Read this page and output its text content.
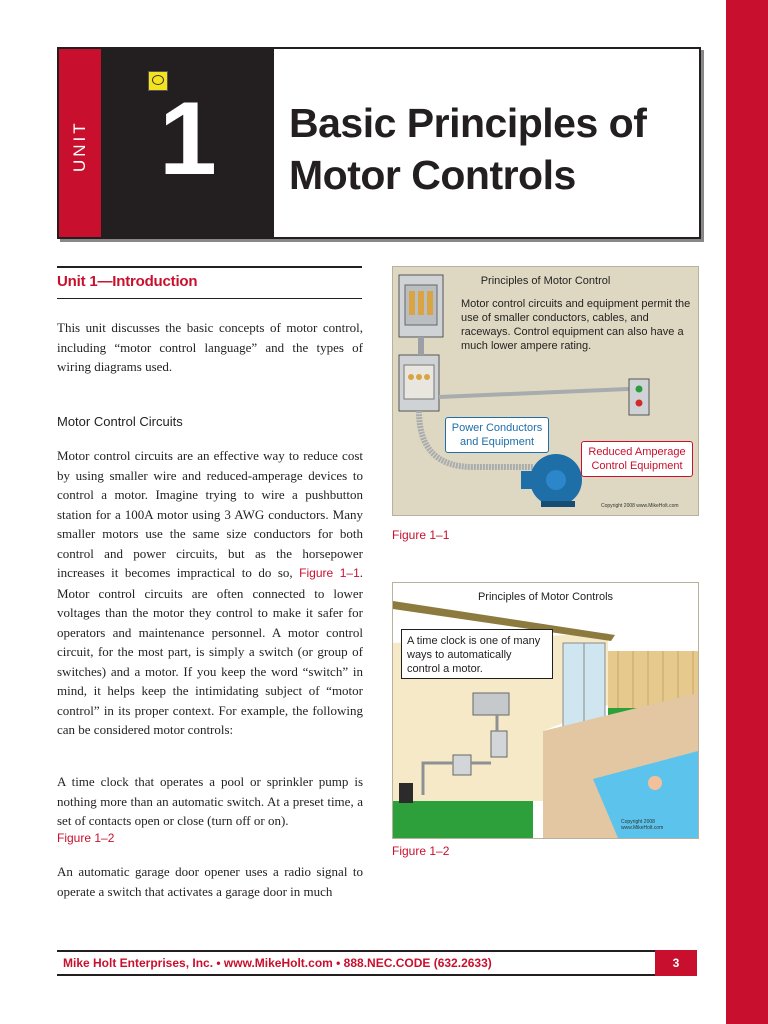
UNIT 1 Basic Principles of
Motor Controls
Unit 1—Introduction

This unit discusses the basic concepts of motor control, including “motor control language” and the types of wiring diagrams used.

Motor Control Circuits

Motor control circuits are an effective way to reduce cost by using smaller wire and reduced-amperage devices to control a motor. Imagine trying to wire a pushbutton station for a 100A motor using 3 AWG conductors. Many smaller motors use the same size conductors for both control and power circuits, but as the horsepower increases it becomes impractical to do so, Figure 1–1. Motor control circuits are often connected to lower voltages than the motor they control to make it safer for operators and maintenance personnel. A motor control circuit, for the most part, is simply a switch (or group of switches) and a motor. If you keep the word “switch” in mind, it helps keep the intimidating subject of “motor control” in its proper context. For example, the following can be considered motor controls:

A time clock that operates a pool or sprinkler pump is nothing more than an automatic switch. At a preset time, a set of contacts open or close (turn off or on).

Figure 1–2

An automatic garage door opener uses a radio signal to operate a switch that activates a garage door in much

Principles of Motor Control
Motor control circuits and equipment permit the use of smaller conductors, cables, and raceways. Control equipment can also have a much lower ampere rating.
Power Conductors and Equipment
Reduced Amperage Control Equipment
Copyright 2008 www.MikeHolt.com
Figure 1–1
Principles of Motor Controls
A time clock is one of many ways to automatically control a motor.
Copyright 2008 www.MikeHolt.com
Figure 1–2
Mike Holt Enterprises, Inc. • www.MikeHolt.com • 888.NEC.CODE (632.2633)	3
